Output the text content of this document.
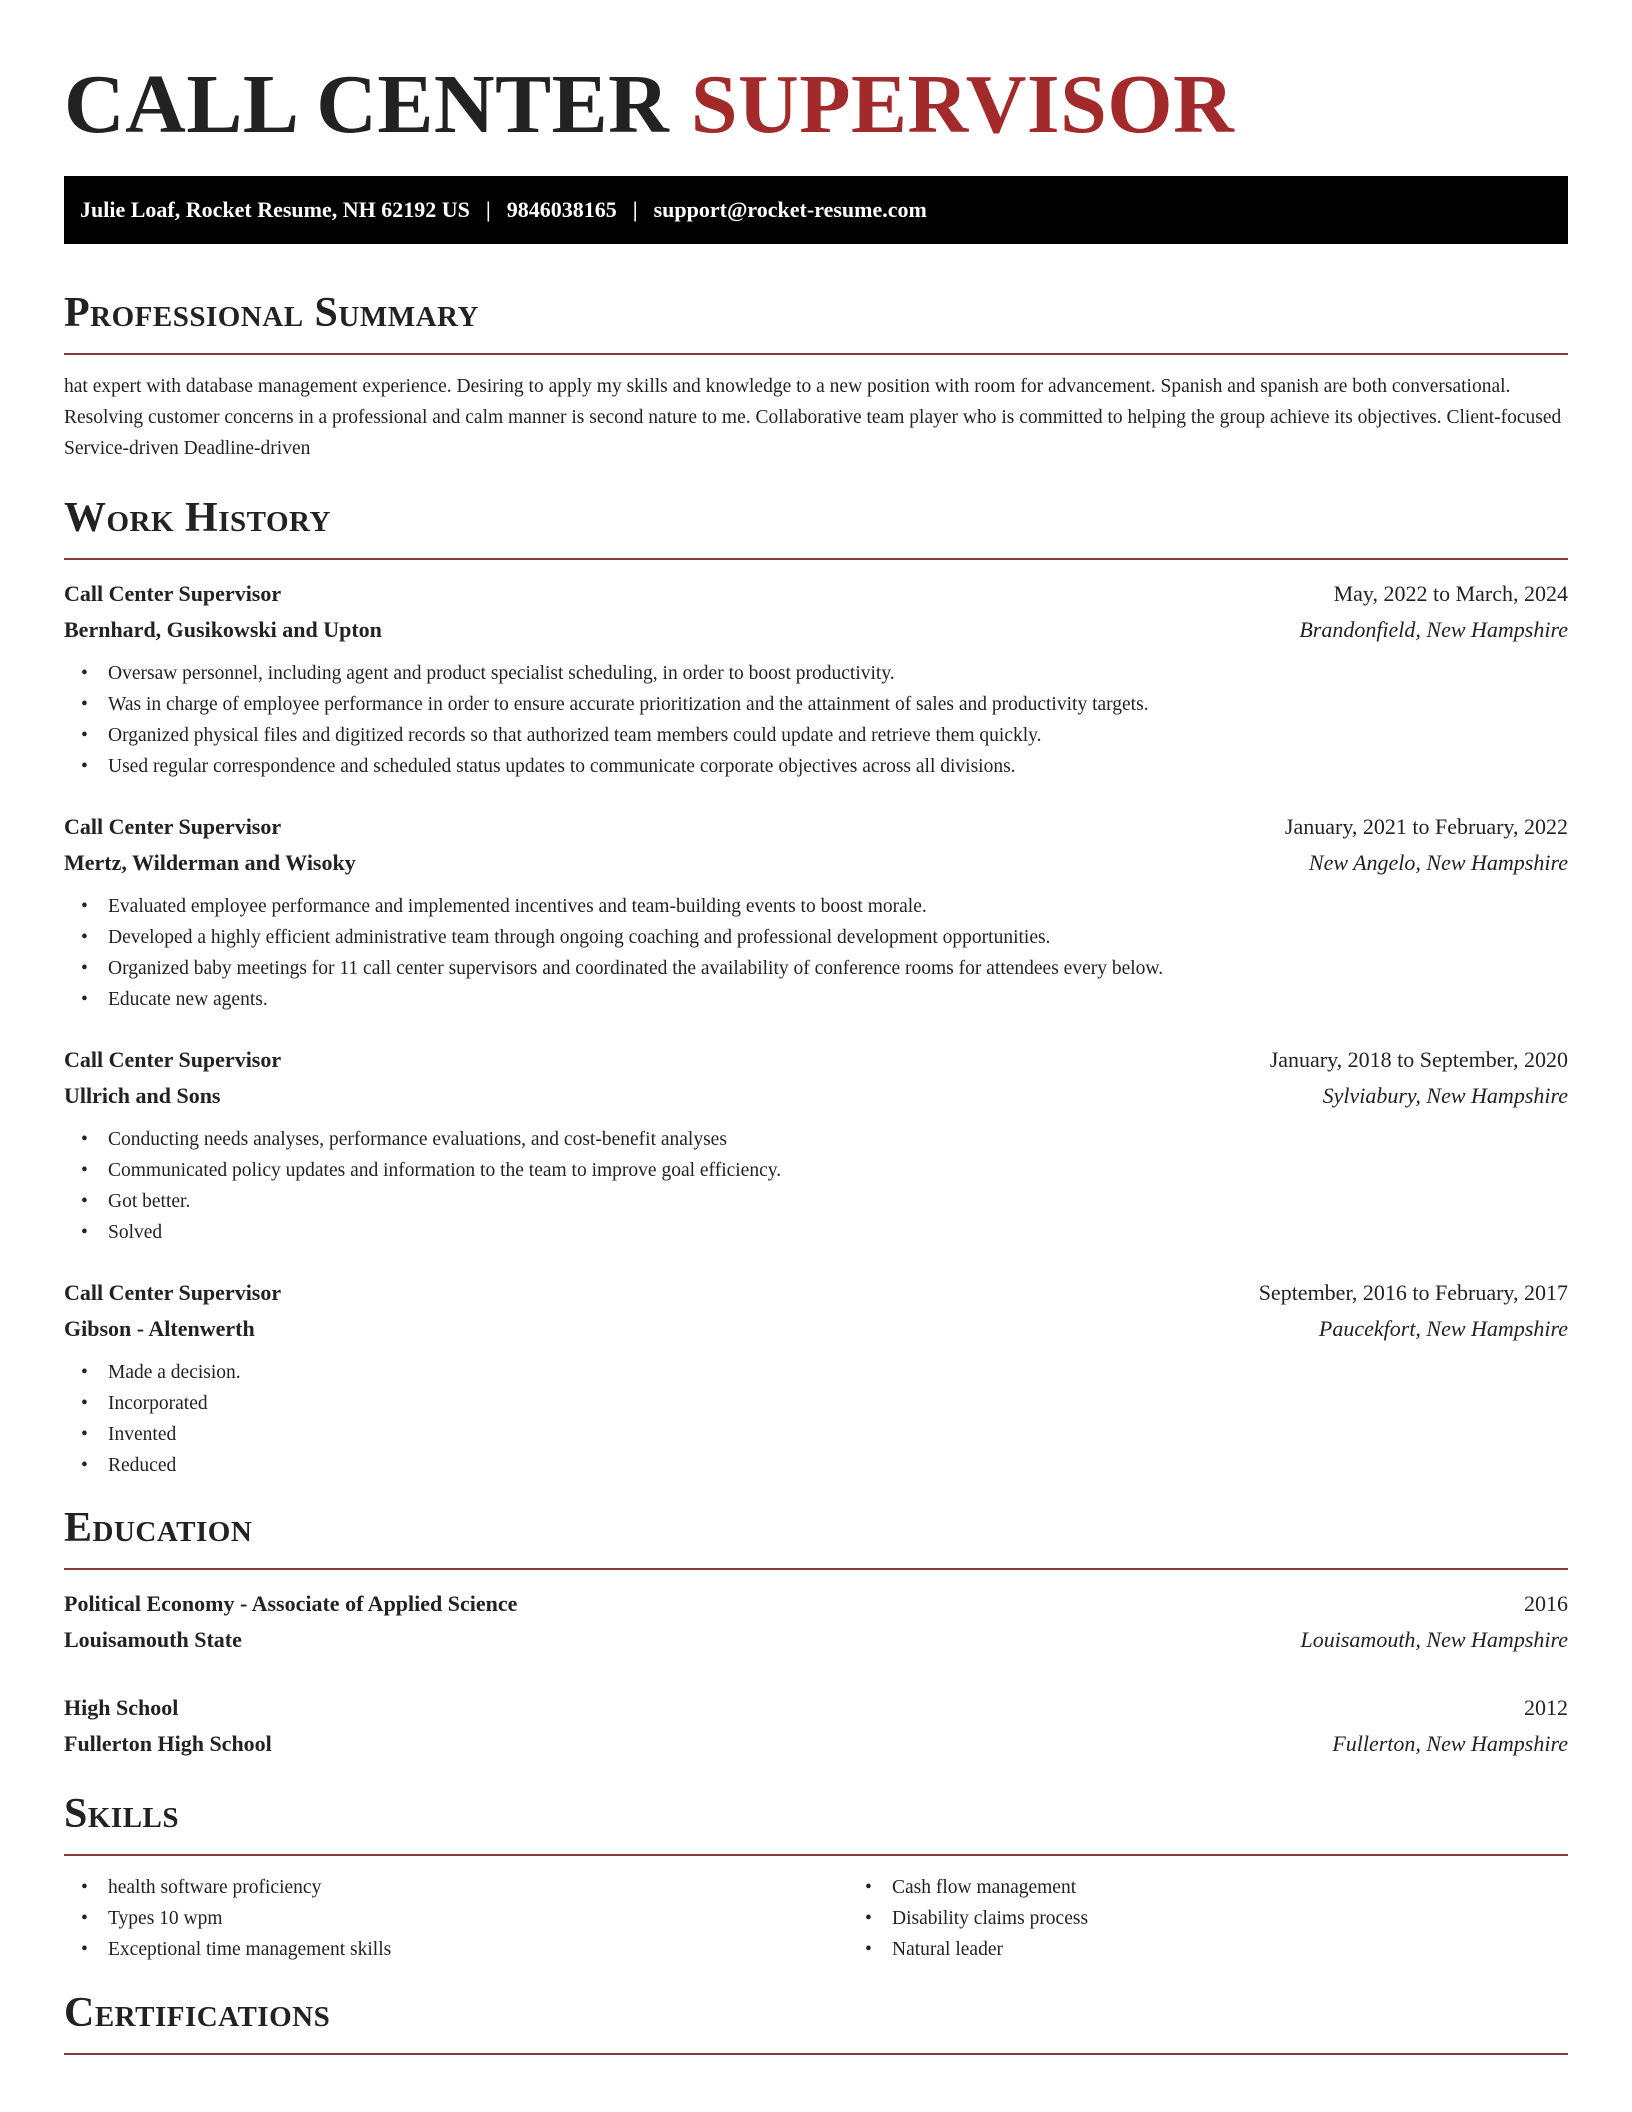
CALL CENTER SUPERVISOR
Julie Loaf, Rocket Resume, NH 62192 US | 9846038165 | support@rocket-resume.com
Professional Summary

hat expert with database management experience. Desiring to apply my skills and knowledge to a new position with room for advancement. Spanish and spanish are both conversational. Resolving customer concerns in a professional and calm manner is second nature to me. Collaborative team player who is committed to helping the group achieve its objectives. Client-focused Service-driven Deadline-driven

Work History
Call Center Supervisor	May, 2022 to March, 2024
Bernhard, Gusikowski and Upton	Brandonfield, New Hampshire
• Oversaw personnel, including agent and product specialist scheduling, in order to boost productivity.
• Was in charge of employee performance in order to ensure accurate prioritization and the attainment of sales and productivity targets.
• Organized physical files and digitized records so that authorized team members could update and retrieve them quickly.
• Used regular correspondence and scheduled status updates to communicate corporate objectives across all divisions.
Call Center Supervisor	January, 2021 to February, 2022
Mertz, Wilderman and Wisoky	New Angelo, New Hampshire
• Evaluated employee performance and implemented incentives and team-building events to boost morale.
• Developed a highly efficient administrative team through ongoing coaching and professional development opportunities.
• Organized baby meetings for 11 call center supervisors and coordinated the availability of conference rooms for attendees every below.
• Educate new agents.
Call Center Supervisor	January, 2018 to September, 2020
Ullrich and Sons	Sylviabury, New Hampshire
• Conducting needs analyses, performance evaluations, and cost-benefit analyses
• Communicated policy updates and information to the team to improve goal efficiency.
• Got better.
• Solved
Call Center Supervisor	September, 2016 to February, 2017
Gibson - Altenwerth	Paucekfort, New Hampshire
• Made a decision.
• Incorporated
• Invented
• Reduced
Education
Political Economy - Associate of Applied Science	2016
Louisamouth State	Louisamouth, New Hampshire
High School	2012
Fullerton High School	Fullerton, New Hampshire
Skills
• health software proficiency
• Types 10 wpm
• Exceptional time management skills
• Cash flow management
• Disability claims process
• Natural leader
Certifications
